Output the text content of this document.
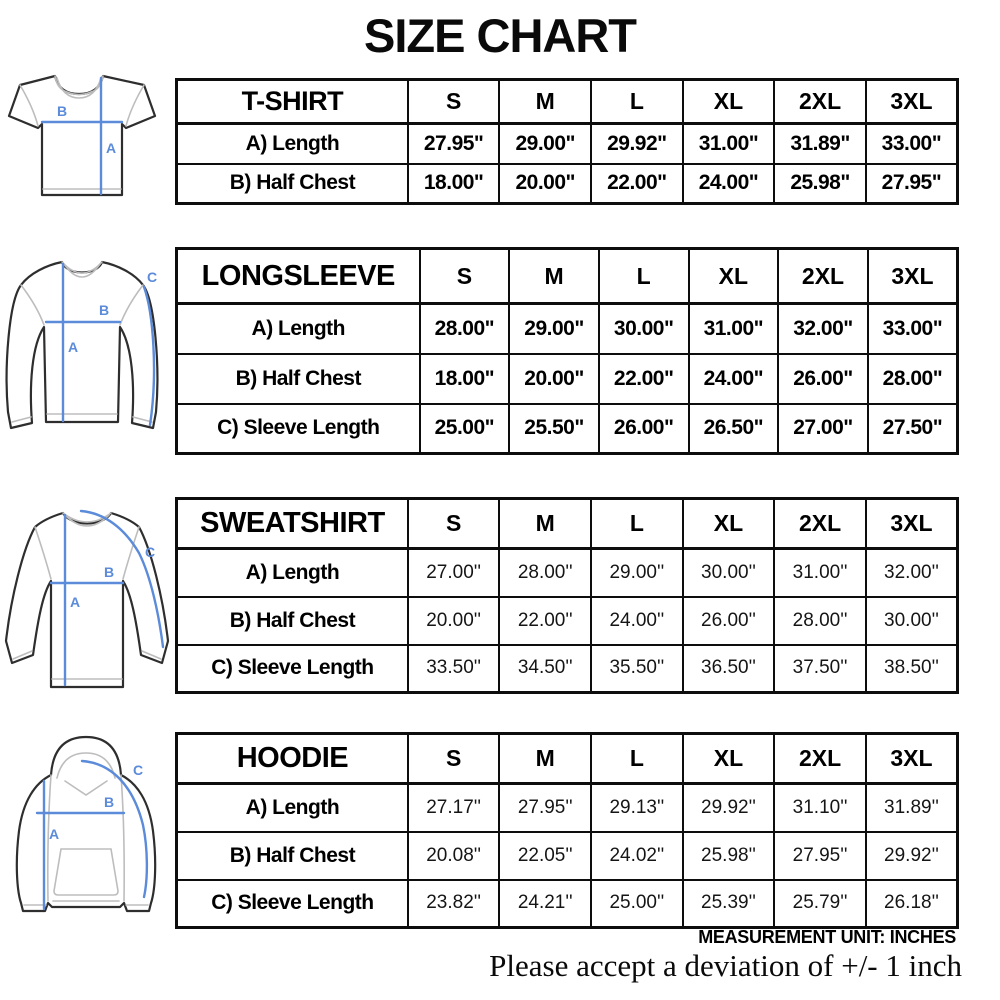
SIZE CHART
B
A
B
A
C
B
A
C
B
A
C
T-SHIRT	S	M	L	XL	2XL	3XL
A) Length	27.95"	29.00"	29.92"	31.00"	31.89"	33.00"
B) Half Chest	18.00"	20.00"	22.00"	24.00"	25.98"	27.95"
LONGSLEEVE	S	M	L	XL	2XL	3XL
A) Length	28.00"	29.00"	30.00"	31.00"	32.00"	33.00"
B) Half Chest	18.00"	20.00"	22.00"	24.00"	26.00"	28.00"
C) Sleeve Length	25.00"	25.50"	26.00"	26.50"	27.00"	27.50"
SWEATSHIRT	S	M	L	XL	2XL	3XL
A) Length	27.00''	28.00''	29.00''	30.00''	31.00''	32.00''
B) Half Chest	20.00''	22.00''	24.00''	26.00''	28.00''	30.00''
C) Sleeve Length	33.50''	34.50''	35.50''	36.50''	37.50''	38.50''
HOODIE	S	M	L	XL	2XL	3XL
A) Length	27.17''	27.95''	29.13''	29.92''	31.10''	31.89''
B) Half Chest	20.08''	22.05''	24.02''	25.98''	27.95''	29.92''
C) Sleeve Length	23.82''	24.21''	25.00''	25.39''	25.79''	26.18''
MEASUREMENT UNIT: INCHES
Please accept a deviation of +/- 1 inch
